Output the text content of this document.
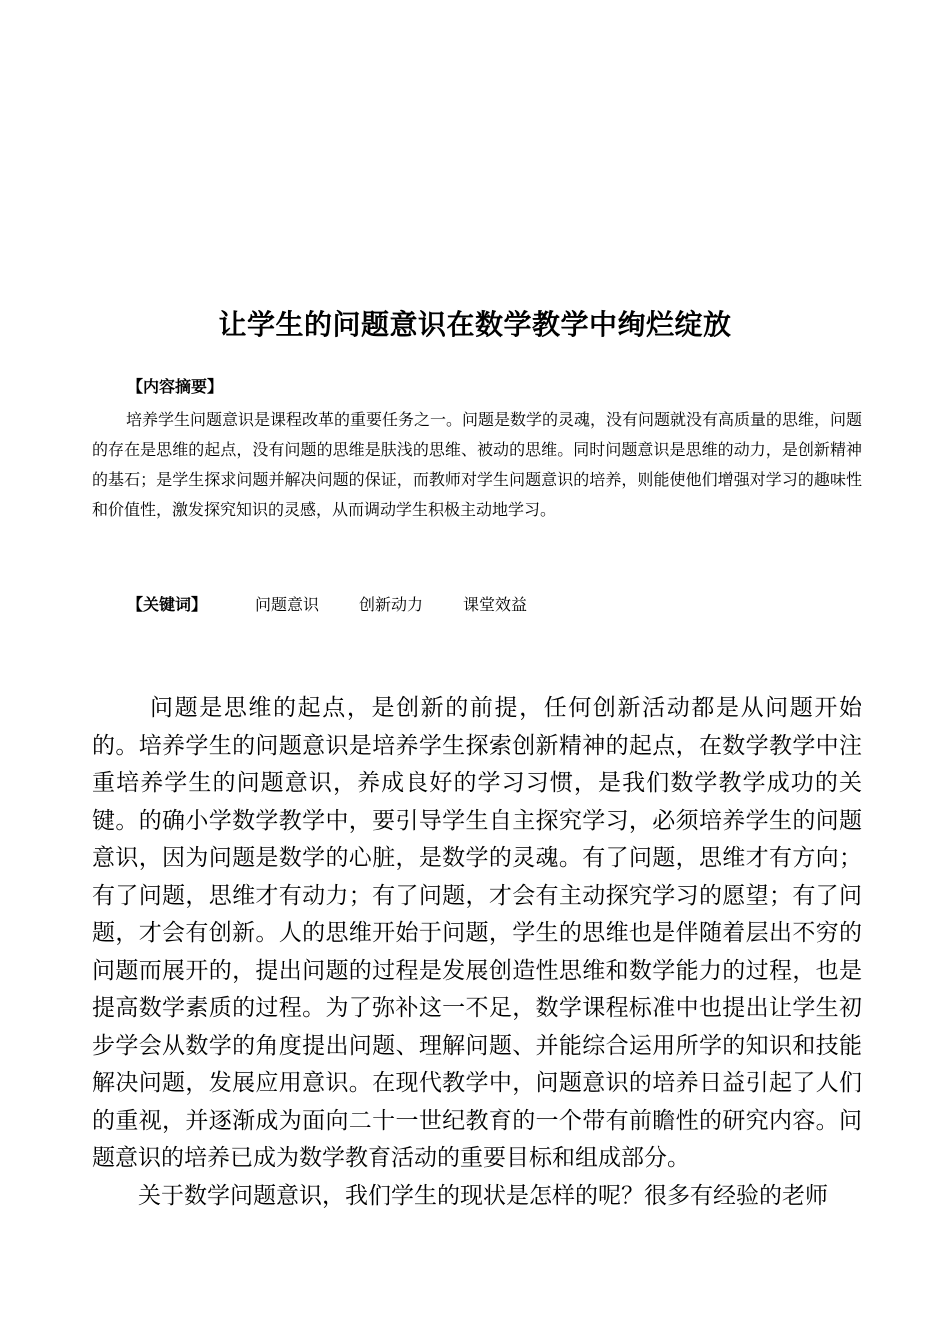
让学生的问题意识在数学教学中绚烂绽放
【内容摘要】

培养学生问题意识是课程改革的重要任务之一。问题是数学的灵魂，没有问题就没有高质量的思维，问题的存在是思维的起点，没有问题的思维是肤浅的思维、被动的思维。同时问题意识是思维的动力，是创新精神的基石；是学生探求问题并解决问题的保证，而教师对学生问题意识的培养，则能使他们增强对学习的趣味性和价值性，激发探究知识的灵感，从而调动学生积极主动地学习。

【关键词】	问题意识	创新动力	课堂效益

问题是思维的起点，是创新的前提，任何创新活动都是从问题开始的。培养学生的问题意识是培养学生探索创新精神的起点，在数学教学中注重培养学生的问题意识，养成良好的学习习惯，是我们数学教学成功的关键。的确小学数学教学中，要引导学生自主探究学习，必须培养学生的问题意识，因为问题是数学的心脏，是数学的灵魂。有了问题，思维才有方向；有了问题，思维才有动力；有了问题，才会有主动探究学习的愿望；有了问题，才会有创新。人的思维开始于问题，学生的思维也是伴随着层出不穷的问题而展开的，提出问题的过程是发展创造性思维和数学能力的过程，也是提高数学素质的过程。为了弥补这一不足，数学课程标准中也提出让学生初步学会从数学的角度提出问题、理解问题、并能综合运用所学的知识和技能解决问题，发展应用意识。在现代教学中，问题意识的培养日益引起了人们的重视，并逐渐成为面向二十一世纪教育的一个带有前瞻性的研究内容。问题意识的培养已成为数学教育活动的重要目标和组成部分。

关于数学问题意识，我们学生的现状是怎样的呢？很多有经验的老师
